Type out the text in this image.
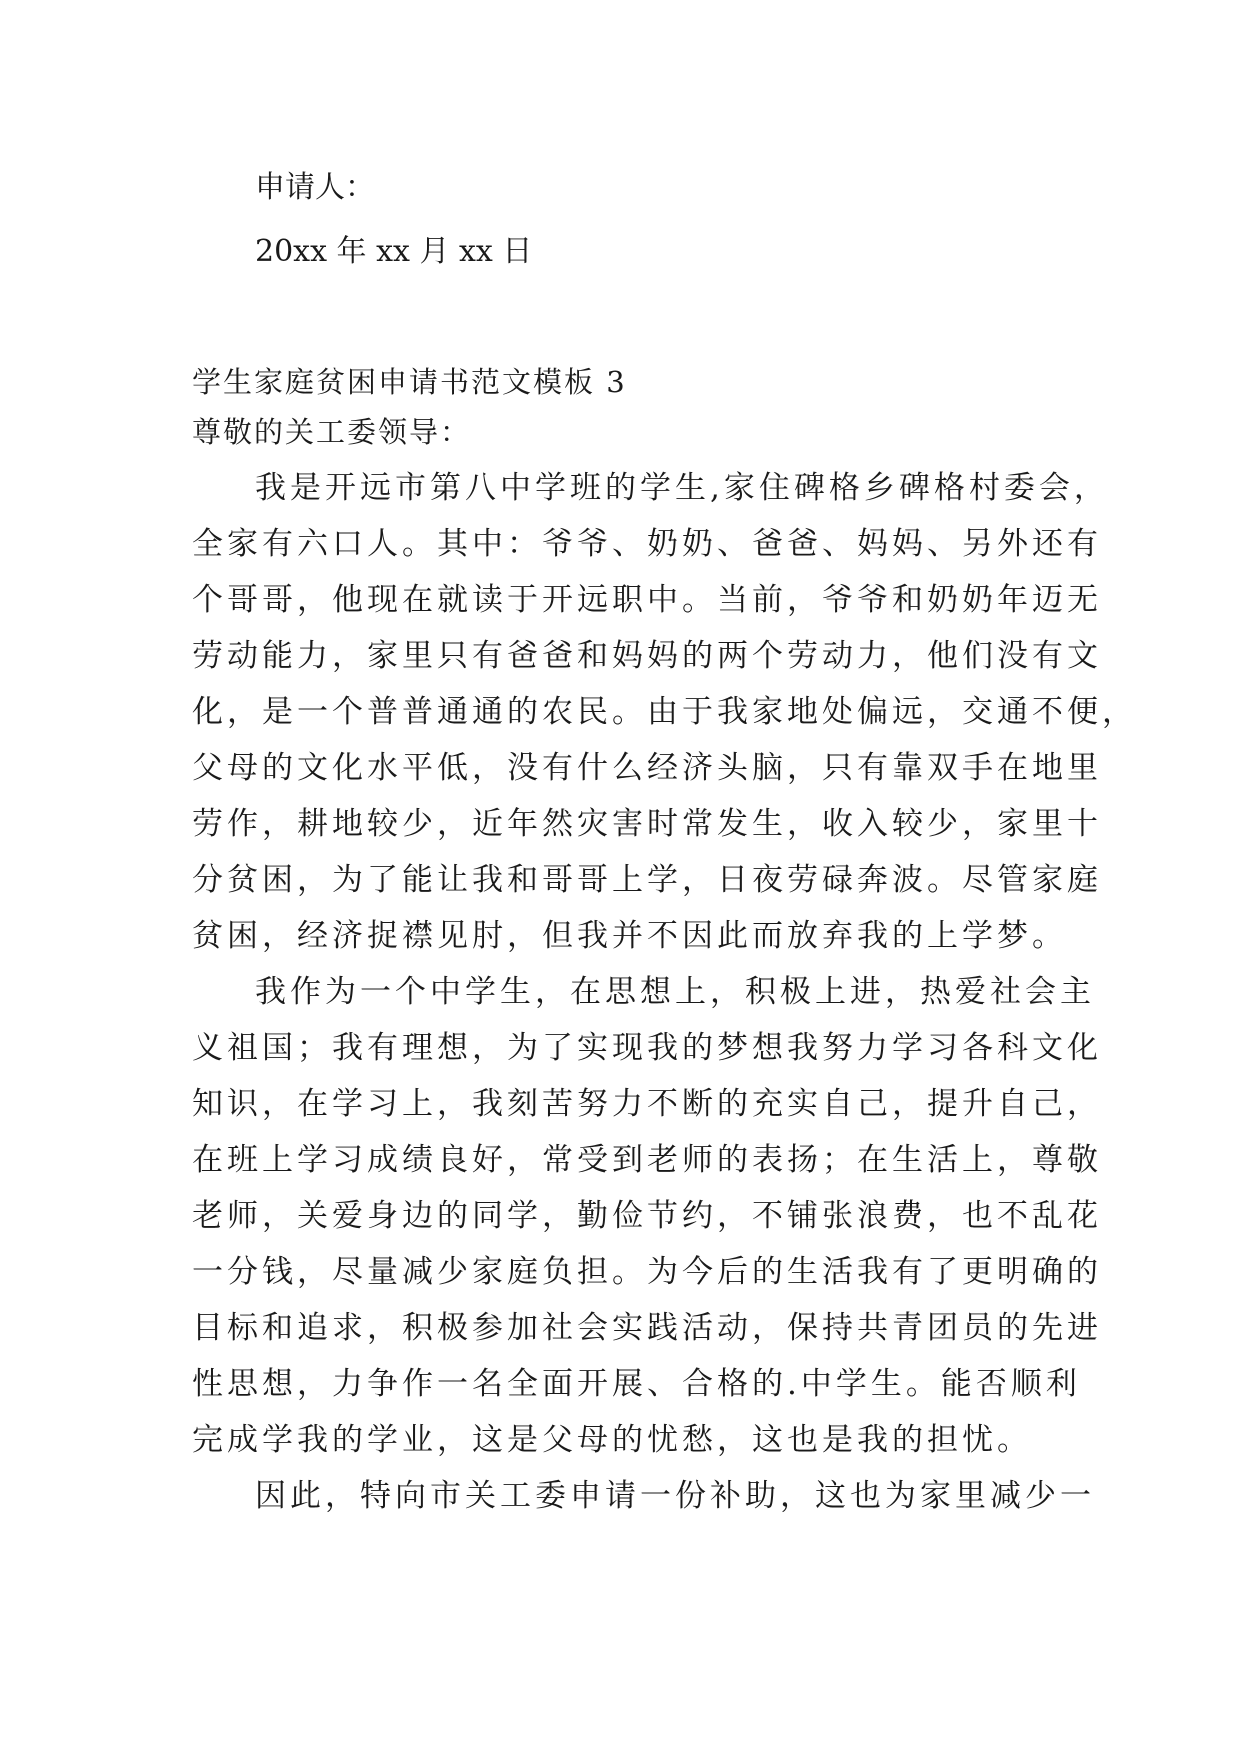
申请人：
20xx 年 xx 月 xx 日
学生家庭贫困申请书范文模板 3
尊敬的关工委领导：
我是开远市第八中学班的学生,家住碑格乡碑格村委会，
全家有六口人。其中：爷爷、奶奶、爸爸、妈妈、另外还有
个哥哥，他现在就读于开远职中。当前，爷爷和奶奶年迈无
劳动能力，家里只有爸爸和妈妈的两个劳动力，他们没有文
化，是一个普普通通的农民。由于我家地处偏远，交通不便，
父母的文化水平低，没有什么经济头脑，只有靠双手在地里
劳作，耕地较少，近年然灾害时常发生，收入较少，家里十
分贫困，为了能让我和哥哥上学，日夜劳碌奔波。尽管家庭
贫困，经济捉襟见肘，但我并不因此而放弃我的上学梦。
我作为一个中学生，在思想上，积极上进，热爱社会主
义祖国；我有理想，为了实现我的梦想我努力学习各科文化
知识，在学习上，我刻苦努力不断的充实自己，提升自己，
在班上学习成绩良好，常受到老师的表扬；在生活上，尊敬
老师，关爱身边的同学，勤俭节约，不铺张浪费，也不乱花
一分钱，尽量减少家庭负担。为今后的生活我有了更明确的
目标和追求，积极参加社会实践活动，保持共青团员的先进
性思想，力争作一名全面开展、合格的.中学生。能否顺利
完成学我的学业，这是父母的忧愁，这也是我的担忧。
因此，特向市关工委申请一份补助，这也为家里减少一
